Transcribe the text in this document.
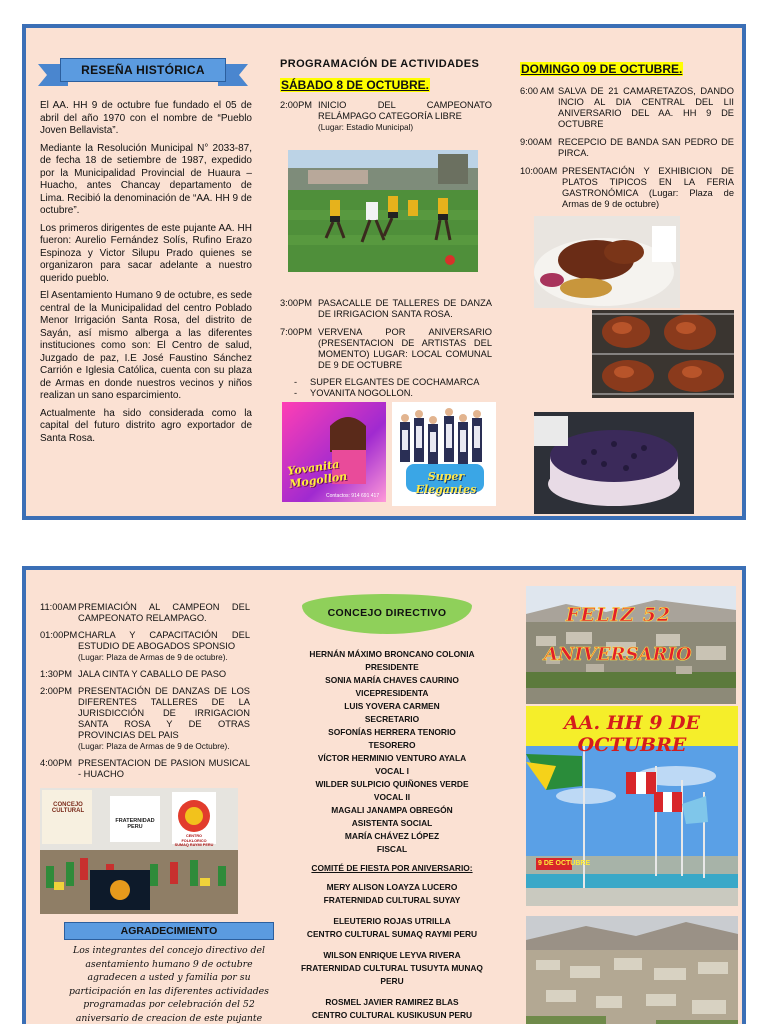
RESEÑA HISTÓRICA

El AA. HH 9 de octubre fue fundado el 05 de abril del año 1970 con el nombre de “Pueblo Joven Bellavista”.

Mediante la Resolución Municipal N° 2033-87, de fecha 18 de setiembre de 1987, expedido por la Municipalidad Provincial de Huaura – Huacho, antes Chancay departamento de Lima. Recibió la denominación de “AA. HH 9 de octubre”.

Los primeros dirigentes de este pujante AA. HH fueron: Aurelio Fernández Solís, Rufino Erazo Espinoza y Victor Silupu Prado quienes se organizaron para sacar adelante a nuestro querido pueblo.

El Asentamiento Humano 9 de octubre, es sede central de la Municipalidad del centro Poblado Menor Irrigación Santa Rosa, del distrito de Sayán, así mismo alberga a las diferentes instituciones como son: El Centro de salud, Juzgado de paz, I.E José Faustino Sánchez Carrión e Iglesia Católica, cuenta con su plaza de Armas en donde nuestros vecinos y niños realizan un sano esparcimiento.

Actualmente ha sido considerada como la capital del futuro distrito agro exportador de Santa Rosa.

PROGRAMACIÓN DE ACTIVIDADES
SÁBADO 8 DE OCTUBRE.
2:00PM INICIO DEL CAMPEONATO RELÁMPAGO CATEGORÍA LIBRE
(Lugar: Estadio Municipal)
3:00PM PASACALLE DE TALLERES DE DANZA DE IRRIGACION SANTA ROSA.
7:00PM VERVENA POR ANIVERSARIO (PRESENTACION DE ARTISTAS DEL MOMENTO) LUGAR: LOCAL COMUNAL DE 9 DE OCTUBRE
-     SUPER ELGANTES DE COCHAMARCA
-     YOVANITA NOGOLLON.
Yovanita Mogollon
Contactos: 914 691 417
Super Elegantes
DOMINGO 09 DE OCTUBRE.
6:00 AM SALVA DE 21 CAMARETAZOS, DANDO INCIO AL DIA CENTRAL DEL LII ANIVERSARIO DEL AA. HH 9 DE OCTUBRE
9:00AM RECEPCIO DE BANDA SAN PEDRO DE PIRCA.
10:00AM PRESENTACIÓN Y EXHIBICION DE PLATOS TIPICOS EN LA FERIA GASTRONÓMICA (Lugar: Plaza de Armas de 9 de octubre)
11:00AM PREMIACIÓN AL CAMPEON DEL CAMPEONATO RELAMPAGO.
01:00PM CHARLA Y CAPACITACIÓN DEL ESTUDIO DE ABOGADOS SPONSIO
(Lugar: Plaza de Armas de 9 de octubre).
1:30PM JALA CINTA Y CABALLO DE PASO
2:00PM PRESENTACIÓN DE DANZAS DE LOS DIFERENTES TALLERES DE LA JURISDICCIÓN DE IRRIGACION SANTA ROSA Y DE OTRAS PROVINCIAS DEL PAIS
(Lugar: Plaza de Armas de 9 de Octubre).
4:00PM PRESENTACION DE PASION MUSICAL - HUACHO
CONCEJO CULTURAL
FRATERNIDAD PERU
CENTRO FOLKLORICO SUMAQ RAYMI PERU
AGRADECIMIENTO
Los integrantes del concejo directivo del asentamiento humano 9 de octubre agradecen a usted y familia por su participación en las diferentes actividades programadas por celebración del 52 aniversario de creacion de este pujante
CONCEJO DIRECTIVO
HERNÁN MÁXIMO BRONCANO COLONIA
PRESIDENTE
SONIA MARÍA CHAVES CAURINO
VICEPRESIDENTA
LUIS YOVERA CARMEN
SECRETARIO
SOFONÍAS HERRERA TENORIO
TESORERO
VÍCTOR HERMINIO VENTURO AYALA
VOCAL I
WILDER SULPICIO QUIÑONES VERDE
VOCAL II
MAGALI JANAMPA OBREGÓN
ASISTENTA SOCIAL
MARÍA CHÁVEZ LÓPEZ
FISCAL
COMITÉ DE FIESTA POR ANIVERSARIO:
MERY ALISON LOAYZA LUCERO
FRATERNIDAD CULTURAL SUYAY
ELEUTERIO ROJAS UTRILLA
CENTRO CULTURAL SUMAQ RAYMI PERU
WILSON ENRIQUE LEYVA RIVERA
FRATERNIDAD CULTURAL TUSUYTA MUNAQ PERU
ROSMEL JAVIER RAMIREZ BLAS
CENTRO CULTURAL KUSIKUSUN PERU
FELIZ 52
ANIVERSARIO
AA. HH 9 DE OCTUBRE
9 DE OCTUBRE
